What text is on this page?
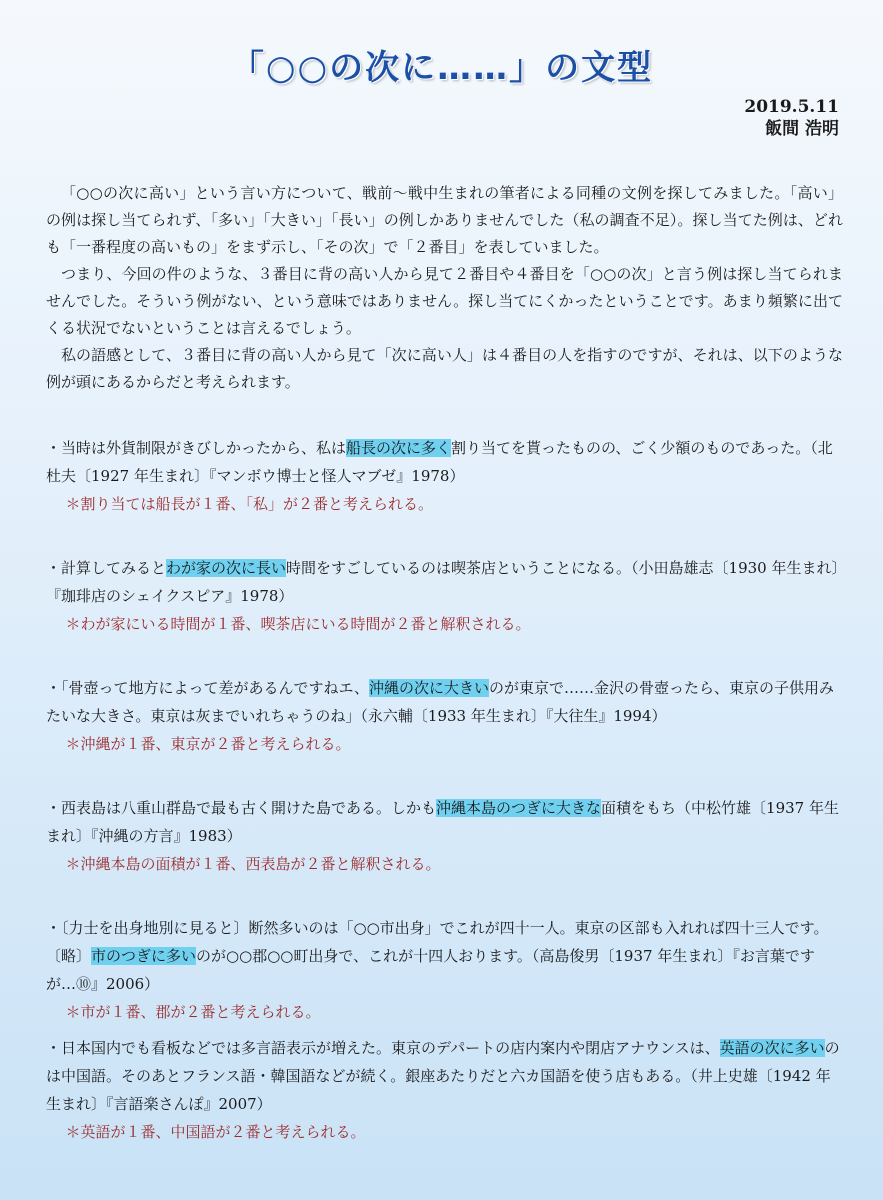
「○○の次に……」の文型
2019.5.11
飯間 浩明

「○○の次に高い」という言い方について、戦前〜戦中生まれの筆者による同種の文例を探してみました。「高い」の例は探し当てられず、「多い」「大きい」「長い」の例しかありませんでした（私の調査不足）。探し当てた例は、どれも「一番程度の高いもの」をまず示し、「その次」で「２番目」を表していました。

つまり、今回の件のような、３番目に背の高い人から見て２番目や４番目を「○○の次」と言う例は探し当てられませんでした。そういう例がない、という意味ではありません。探し当てにくかったということです。あまり頻繁に出てくる状況でないということは言えるでしょう。

私の語感として、３番目に背の高い人から見て「次に高い人」は４番目の人を指すのですが、それは、以下のような例が頭にあるからだと考えられます。

・当時は外貨制限がきびしかったから、私は船長の次に多く割り当てを貰ったものの、ごく少額のものであった。（北杜夫〔1927 年生まれ〕『マンボウ博士と怪人マブゼ』1978）

＊割り当ては船長が１番、「私」が２番と考えられる。

・計算してみるとわが家の次に長い時間をすごしているのは喫茶店ということになる。（小田島雄志〔1930 年生まれ〕『珈琲店のシェイクスピア』1978）

＊わが家にいる時間が１番、喫茶店にいる時間が２番と解釈される。

・「骨壺って地方によって差があるんですねエ、沖縄の次に大きいのが東京で……金沢の骨壺ったら、東京の子供用みたいな大きさ。東京は灰までいれちゃうのね」（永六輔〔1933 年生まれ〕『大往生』1994）

＊沖縄が１番、東京が２番と考えられる。

・西表島は八重山群島で最も古く開けた島である。しかも沖縄本島のつぎに大きな面積をもち（中松竹雄〔1937 年生まれ〕『沖縄の方言』1983）

＊沖縄本島の面積が１番、西表島が２番と解釈される。

・〔力士を出身地別に見ると〕断然多いのは「○○市出身」でこれが四十一人。東京の区部も入れれば四十三人です。〔略〕市のつぎに多いのが○○郡○○町出身で、これが十四人おります。（高島俊男〔1937 年生まれ〕『お言葉ですが…⑩』2006）

＊市が１番、郡が２番と考えられる。

・日本国内でも看板などでは多言語表示が増えた。東京のデパートの店内案内や閉店アナウンスは、英語の次に多いのは中国語。そのあとフランス語・韓国語などが続く。銀座あたりだと六カ国語を使う店もある。（井上史雄〔1942 年生まれ〕『言語楽さんぽ』2007）

＊英語が１番、中国語が２番と考えられる。
